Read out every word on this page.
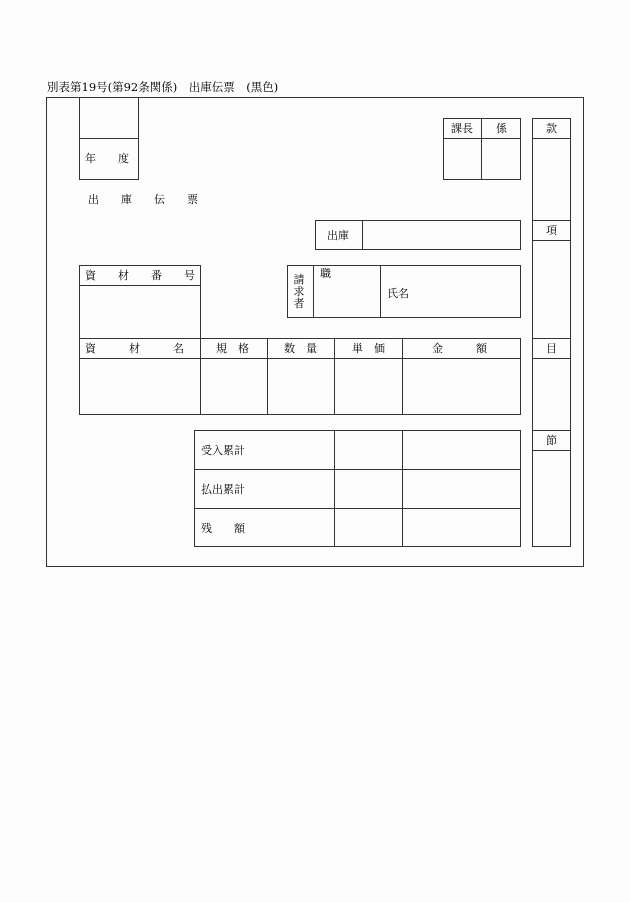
別表第19号(第92条関係)　出庫伝票　(黒色)
年　　度
出　　庫　　伝　　票
課長 係	款
項
目
節
出庫
資　　材　　番　　号	請求者
職
氏名
資　　　材　　　名	規　格	数　量	単　価	金　　　額
受入累計
払出累計
残　　額
